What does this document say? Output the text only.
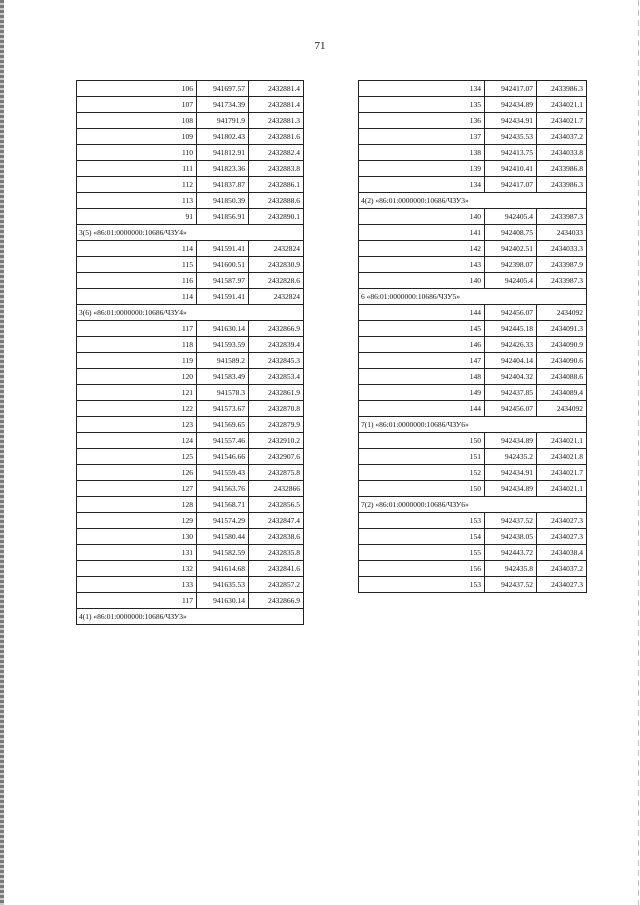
71
106	941697.57	2432881.4
107	941734.39	2432881.4
108	941791.9	2432881.3
109	941802.43	2432881.6
110	941812.91	2432882.4
111	941823.36	2432883.8
112	941837.87	2432886.1
113	941850.39	2432888.6
91	941856.91	2432890.1
3(5) «86:01:0000000:10686/ЧЗУ4»		
114	941591.41	2432824
115	941600.51	2432830.9
116	941587.97	2432828.6
114	941591.41	2432824
3(6) «86:01:0000000:10686/ЧЗУ4»		
117	941630.14	2432866.9
118	941593.59	2432839.4
119	941589.2	2432845.3
120	941583.49	2432853.4
121	941578.3	2432861.9
122	941573.67	2432870.8
123	941569.65	2432879.9
124	941557.46	2432910.2
125	941546.66	2432907.6
126	941559.43	2432875.8
127	941563.76	2432866
128	941568.71	2432856.5
129	941574.29	2432847.4
130	941580.44	2432838.6
131	941582.59	2432835.8
132	941614.68	2432841.6
133	941635.53	2432857.2
117	941630.14	2432866.9
4(1) «86:01:0000000:10686/ЧЗУ3»		
134	942417.07	2433986.3
135	942434.89	2434021.1
136	942434.91	2434021.7
137	942435.53	2434037.2
138	942413.75	2434033.8
139	942410.41	2433986.8
134	942417.07	2433986.3
4(2) «86:01:0000000:10686/ЧЗУ3»		
140	942405.4	2433987.3
141	942408.75	2434033
142	942402.51	2434033.3
143	942398.07	2433987.9
140	942405.4	2433987.3
6 «86:01:0000000:10686/ЧЗУ5»		
144	942456.07	2434092
145	942445.18	2434091.3
146	942426.33	2434090.9
147	942404.14	2434090.6
148	942404.32	2434088.6
149	942437.85	2434089.4
144	942456.07	2434092
7(1) «86:01:0000000:10686/ЧЗУ6»		
150	942434.89	2434021.1
151	942435.2	2434021.8
152	942434.91	2434021.7
150	942434.89	2434021.1
7(2) «86:01:0000000:10686/ЧЗУ6»		
153	942437.52	2434027.3
154	942438.05	2434027.3
155	942443.72	2434038.4
156	942435.8	2434037.2
153	942437.52	2434027.3
